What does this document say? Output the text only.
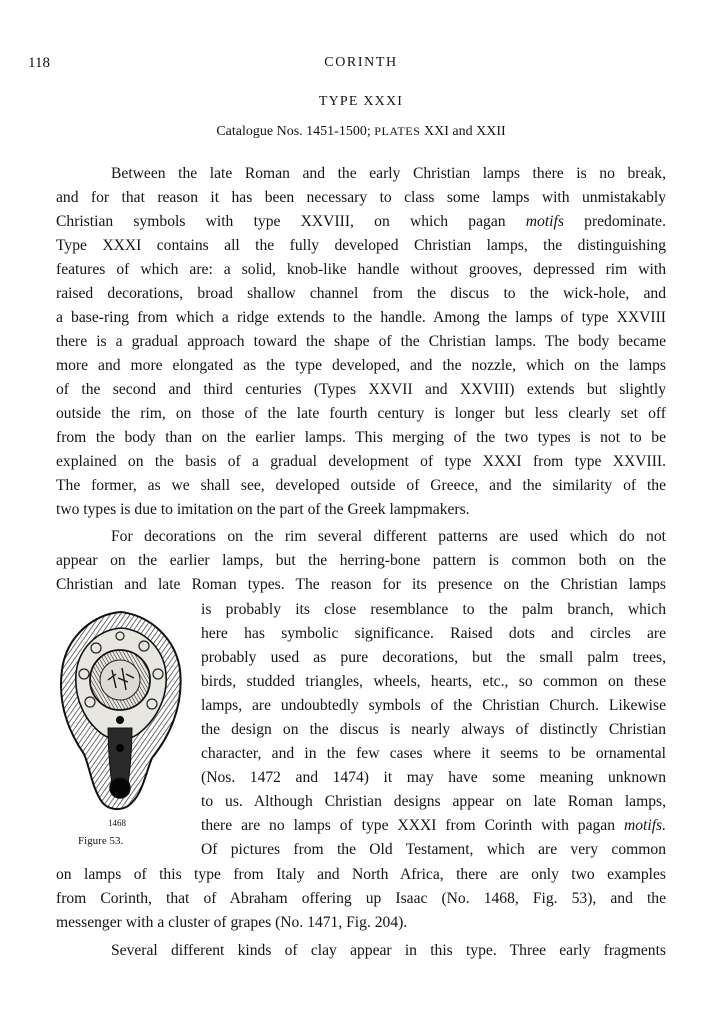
118	CORINTH
TYPE XXXI
Catalogue Nos. 1451-1500; PLATES XXI and XXII
Between the late Roman and the early Christian lamps there is no break,
and for that reason it has been necessary to class some lamps with unmistakably
Christian symbols with type XXVIII, on which pagan motifs predominate.
Type XXXI contains all the fully developed Christian lamps, the distinguishing
features of which are: a solid, knob-like handle without grooves, depressed rim with
raised decorations, broad shallow channel from the discus to the wick-hole, and
a base-ring from which a ridge extends to the handle. Among the lamps of type XXVIII
there is a gradual approach toward the shape of the Christian lamps. The body became
more and more elongated as the type developed, and the nozzle, which on the lamps
of the second and third centuries (Types XXVII and XXVIII) extends but slightly
outside the rim, on those of the late fourth century is longer but less clearly set off
from the body than on the earlier lamps. This merging of the two types is not to be
explained on the basis of a gradual development of type XXXI from type XXVIII.
The former, as we shall see, developed outside of Greece, and the similarity of the
two types is due to imitation on the part of the Greek lampmakers.
For decorations on the rim several different patterns are used which do not
appear on the earlier lamps, but the herring-bone pattern is common both on the
Christian and late Roman types. The reason for its presence on the Christian lamps
is probably its close resemblance to the palm branch, which
here has symbolic significance. Raised dots and circles are
probably used as pure decorations, but the small palm trees,
birds, studded triangles, wheels, hearts, etc., so common on these
lamps, are undoubtedly symbols of the Christian Church. Likewise
the design on the discus is nearly always of distinctly Christian
character, and in the few cases where it seems to be ornamental
(Nos. 1472 and 1474) it may have some meaning unknown
to us. Although Christian designs appear on late Roman lamps,
there are no lamps of type XXXI from Corinth with pagan motifs.
Of pictures from the Old Testament, which are very common
on lamps of this type from Italy and North Africa, there are only two examples
from Corinth, that of Abraham offering up Isaac (No. 1468, Fig. 53), and the
messenger with a cluster of grapes (No. 1471, Fig. 204).
Several different kinds of clay appear in this type. Three early fragments
1468
Figure 53.
